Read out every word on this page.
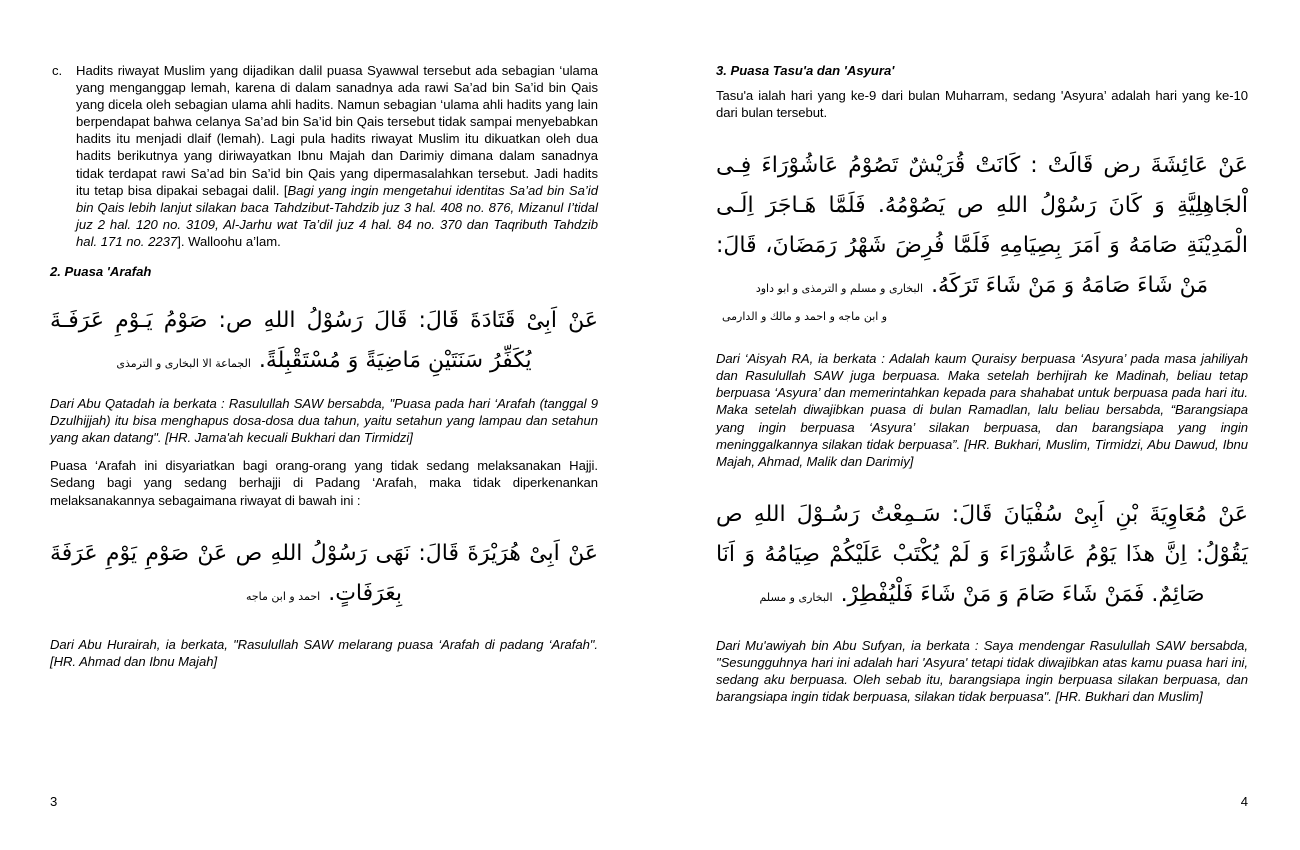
c. Hadits riwayat Muslim yang dijadikan dalil puasa Syawwal tersebut ada sebagian ‘ulama yang menganggap lemah, karena di dalam sanadnya ada rawi Sa’ad bin Sa’id bin Qais yang dicela oleh sebagian ulama ahli hadits. Namun sebagian ‘ulama ahli hadits yang lain berpendapat bahwa celanya Sa’ad bin Sa’id bin Qais tersebut tidak sampai menyebabkan hadits itu menjadi dlaif (lemah). Lagi pula hadits riwayat Muslim itu dikuatkan oleh dua hadits berikutnya yang diriwayatkan Ibnu Majah dan Darimiy dimana dalam sanadnya tidak terdapat rawi Sa’ad bin Sa’id bin Qais yang dipermasalahkan tersebut. Jadi hadits itu tetap bisa dipakai sebagai dalil. [Bagi yang ingin mengetahui identitas Sa’ad bin Sa’id bin Qais lebih lanjut silakan baca Tahdzibut-Tahdzib juz 3 hal. 408 no. 876, Mizanul I’tidal juz 2 hal. 120 no. 3109, Al-Jarhu wat Ta’dil juz 4 hal. 84 no. 370 dan Taqributh Tahdzib hal. 171 no. 2237]. Walloohu a’lam.
2. Puasa 'Arafah
عَنْ اَبِىْ قَتَادَةَ قَالَ: قَالَ رَسُوْلُ اللهِ ص: صَوْمُ يَـوْمِ عَرَفَـةَ
يُكَفِّرُ سَنَتَيْنِ مَاضِيَةً وَ مُسْتَقْبِلَةً.
الجماعة الا البخارى و الترمذى
Dari Abu Qatadah ia berkata : Rasulullah SAW bersabda, "Puasa pada hari ‘Arafah (tanggal 9 Dzulhijjah) itu bisa menghapus dosa-dosa dua tahun, yaitu setahun yang lampau dan setahun yang akan datang". [HR. Jama'ah kecuali Bukhari dan Tirmidzi]
Puasa ‘Arafah ini disyariatkan bagi orang-orang yang tidak sedang melaksanakan Hajji. Sedang bagi yang sedang berhajji di Padang ‘Arafah, maka tidak diperkenankan melaksanakannya sebagaimana riwayat di bawah ini :
عَنْ اَبِىْ هُرَيْرَةَ قَالَ: نَهَى رَسُوْلُ اللهِ ص عَنْ صَوْمِ يَوْمِ عَرَفَةَ
بِعَرَفَاتٍ.
احمد و ابن ماجه
Dari Abu Hurairah, ia berkata, "Rasulullah SAW melarang puasa ‘Arafah di padang ‘Arafah". [HR. Ahmad dan Ibnu Majah]
3
3. Puasa Tasu'a dan 'Asyura'
Tasu'a ialah hari yang ke-9 dari bulan Muharram, sedang 'Asyura’ adalah hari yang ke-10 dari bulan tersebut.
عَنْ عَائِشَةَ رض قَالَتْ : كَانَتْ قُرَيْشٌ تَصُوْمُ عَاشُوْرَاءَ فِـى
اْلجَاهِلِيَّةِ وَ كَانَ رَسُوْلُ اللهِ ص يَصُوْمُهُ. فَلَمَّا هَـاجَرَ اِلَـى
الْمَدِيْنَةِ صَامَهُ وَ اَمَرَ بِصِيَامِهِ فَلَمَّا فُرِضَ شَهْرُ رَمَضَانَ، قَالَ:
مَنْ شَاءَ صَامَهُ وَ مَنْ شَاءَ تَرَكَهُ.
البخارى و مسلم و الترمذى و ابو داود
و ابن ماجه و احمد و مالك و الدارمى
Dari ‘Aisyah RA, ia berkata : Adalah kaum Quraisy berpuasa ‘Asyura’ pada masa jahiliyah dan Rasulullah SAW juga berpuasa. Maka setelah berhijrah ke Madinah, beliau tetap berpuasa ‘Asyura’ dan memerintahkan kepada para shahabat untuk berpuasa pada hari itu. Maka setelah diwajibkan puasa di bulan Ramadlan, lalu beliau bersabda, “Barangsiapa yang ingin berpuasa ‘Asyura’ silakan berpuasa, dan barangsiapa yang ingin meninggalkannya silakan tidak berpuasa”. [HR. Bukhari, Muslim, Tirmidzi, Abu Dawud, Ibnu Majah, Ahmad, Malik dan Darimiy]
عَنْ مُعَاوِيَةَ بْنِ اَبِىْ سُفْيَانَ قَالَ: سَـمِعْتُ رَسُـوْلَ اللهِ ص
يَقُوْلُ: اِنَّ هذَا يَوْمُ عَاشُوْرَاءَ وَ لَمْ يُكْتَبْ عَلَيْكُمْ صِيَامُهُ وَ اَنَا
صَائِمٌ. فَمَنْ شَاءَ صَامَ وَ مَنْ شَاءَ فَلْيُفْطِرْ.
البخارى و مسلم
Dari Mu'awiyah bin Abu Sufyan, ia berkata : Saya mendengar Rasulullah SAW bersabda, "Sesungguhnya hari ini adalah hari 'Asyura' tetapi tidak diwajibkan atas kamu puasa hari ini, sedang aku berpuasa. Oleh sebab itu, barangsiapa ingin berpuasa silakan berpuasa, dan barangsiapa ingin tidak berpuasa, silakan tidak berpuasa". [HR. Bukhari dan Muslim]
4
